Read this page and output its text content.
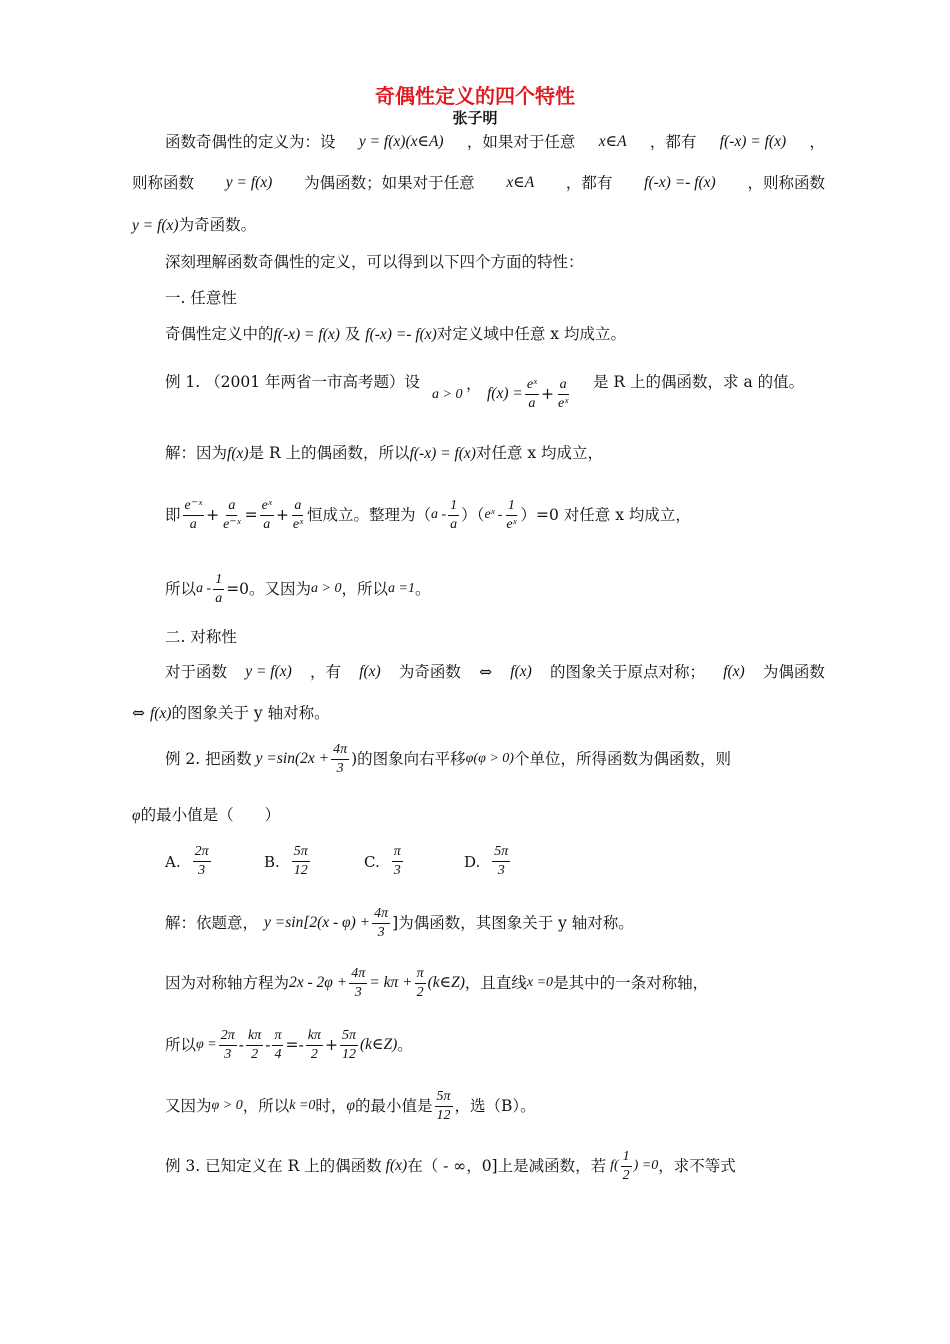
奇偶性定义的四个特性
张子明
函数奇偶性的定义为：设 y = f(x)(x∈A) ，如果对于任意 x∈A ，都有 f(-x) = f(x) ，
则称函数 y = f(x) 为偶函数；如果对于任意 x∈A ，都有 f(-x) =- f(x) ，则称函数
y = f(x)为奇函数。
深刻理解函数奇偶性的定义，可以得到以下四个方面的特性：
一. 任意性
奇偶性定义中的f(-x) = f(x) 及 f(-x) =- f(x)对定义域中任意 x 均成立。
例 1. （2001 年两省一市高考题）设
a > 0
，
$f(x) = \frac{\text{eˣ}}{a} + \frac{a}{\text{eˣ}}$ 是 R 上的偶函数，求 a 的值。
解：因为f(x)是 R 上的偶函数，所以f(-x) = f(x)对任意 x 均成立，
即 $\frac{\text{e⁻ˣ}}{a} + \frac{a}{\text{e⁻ˣ}} = \frac{\text{eˣ}}{a} + \frac{a}{\text{eˣ}}$ 恒成立。整理为（ a - $\frac{1}{a}$ ）（ eˣ - $\frac{1}{\text{eˣ}} )=0$ 对任意 x 均成立，
所以 $a - \frac{1}{a} =0$。又因为 a > 0 ，所以 a =1 。
二. 对称性
对于函数 y = f(x) ，有 f(x) 为奇函数 ⇔ f(x) 的图象关于原点对称； f(x) 为偶函数
⇔ f(x)的图象关于 y 轴对称。
例 2. 把函数 $y =\sin(2x + \frac{4\pi}{3}$ )的图象向右平移 φ(φ > 0) 个单位，所得函数为偶函数，则
φ的最小值是（　　）
A. $\frac{2\pi}{3}$	B. $\frac{5\pi}{12}$	C. $\frac{\pi}{3}$	D. $\frac{5\pi}{3}$
解：依题意， $y =\sin[2(x - \varphi) + \frac{4\pi}{3}$ ]为偶函数，其图象关于 y 轴对称。
因为对称轴方程为 $2x - 2\varphi + \frac{4\pi}{3} = k\pi + \frac{\pi}{2}$ (k∈Z) ，且直线 x =0 是其中的一条对称轴，
所以 $\varphi = \frac{2\pi}{3} - \frac{k\pi}{2} - \frac{\pi}{4} =- \frac{k\pi}{2} + \frac{5\pi}{12}$ (k∈Z) 。
又因为 φ > 0 ，所以 k =0 时， φ 的最小值是 $\frac{5\pi}{12}$ ，选（B）。
例 3. 已知定义在 R 上的偶函数 f(x) 在（ - ∞，0]上是减函数，若 $f( \frac{1}{2}$ ) =0 ，求不等式
